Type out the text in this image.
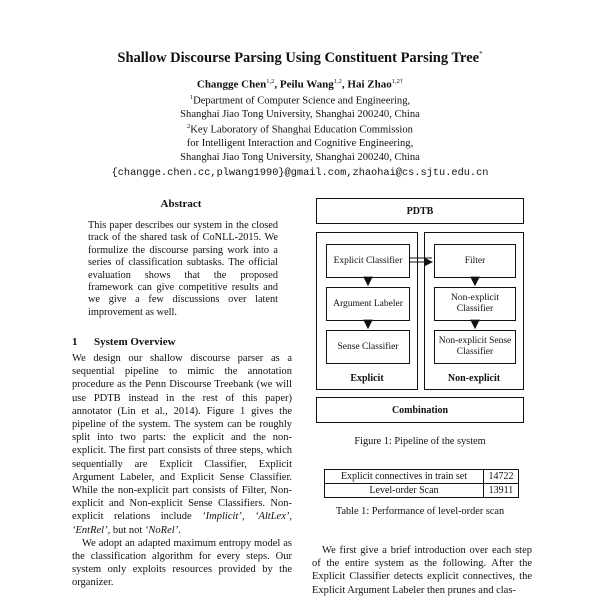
Shallow Discourse Parsing Using Constituent Parsing Tree*
Changge Chen$^{1,2}$, Peilu Wang$^{1,2}$, Hai Zhao$^{1,2\dagger}$
$^1$Department of Computer Science and Engineering,
Shanghai Jiao Tong University, Shanghai 200240, China
$^2$Key Laboratory of Shanghai Education Commission
for Intelligent Interaction and Cognitive Engineering,
Shanghai Jiao Tong University, Shanghai 200240, China
{changge.chen.cc,plwang1990}@gmail.com,zhaohai@cs.sjtu.edu.cn
Abstract
This paper describes our system in the closed track of the shared task of CoNLL-2015. We formulize the discourse parsing work into a series of classification subtasks. The official evaluation shows that the proposed framework can give competitive results and we give a few discussions over latent improvement as well.
1 System Overview

We design our shallow discourse parser as a sequential pipeline to mimic the annotation procedure as the Penn Discourse Treebank (we will use PDTB instead in the rest of this paper) annotator (Lin et al., 2014). Figure 1 gives the pipeline of the system. The system can be roughly split into two parts: the explicit and the non-explicit. The first part consists of three steps, which sequentially are Explicit Classifier, Explicit Argument Labeler, and Explicit Sense Classifier. While the non-explicit part consists of Filter, Non-explicit and Non-explicit Sense Classifiers. Non-explicit relations include ‘Implicit’, ‘AltLex’, ‘EntRel’, but not ‘NoRel’.

We adopt an adapted maximum entropy model as the classification algorithm for every steps. Our system only exploits resources provided by the organizer.

PDTB
Explicit Classifier
Argument Labeler
Sense Classifier
Filter
Non-explicit Classifier
Non-explicit Sense Classifier
Explicit	Non-explicit
Combination
Figure 1: Pipeline of the system
Explicit connectives in train set	14722
Level-order Scan	13911
Table 1: Performance of level-order scan

We first give a brief introduction over each step of the entire system as the following. After the Explicit Classifier detects explicit connectives, the Explicit Argument Labeler then prunes and clas-
